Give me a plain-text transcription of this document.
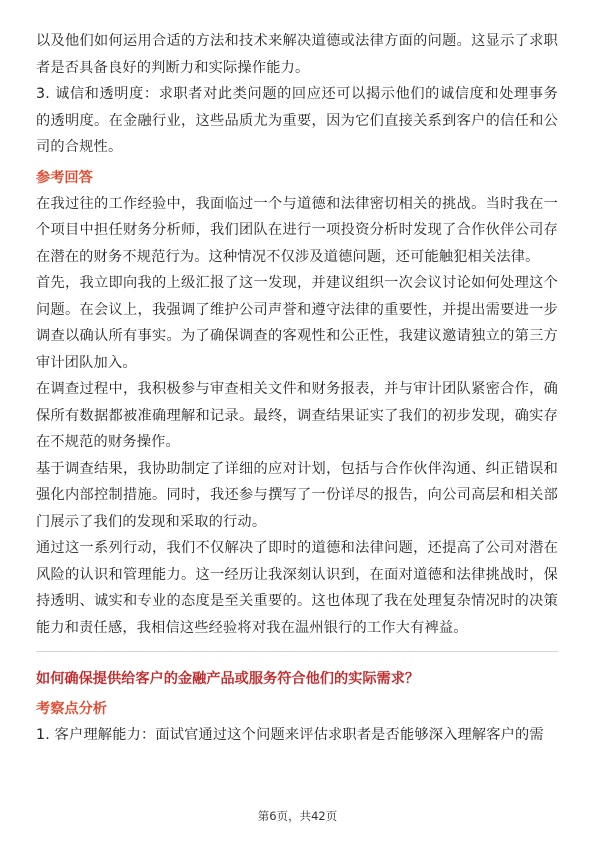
以及他们如何运用合适的方法和技术来解决道德或法律方面的问题。这显示了求职者是否具备良好的判断力和实际操作能力。

3. 诚信和透明度：求职者对此类问题的回应还可以揭示他们的诚信度和处理事务的透明度。在金融行业，这些品质尤为重要，因为它们直接关系到客户的信任和公司的合规性。

参考回答

在我过往的工作经验中，我面临过一个与道德和法律密切相关的挑战。当时我在一个项目中担任财务分析师，我们团队在进行一项投资分析时发现了合作伙伴公司存在潜在的财务不规范行为。这种情况不仅涉及道德问题，还可能触犯相关法律。

首先，我立即向我的上级汇报了这一发现，并建议组织一次会议讨论如何处理这个问题。在会议上，我强调了维护公司声誉和遵守法律的重要性，并提出需要进一步调查以确认所有事实。为了确保调查的客观性和公正性，我建议邀请独立的第三方审计团队加入。

在调查过程中，我积极参与审查相关文件和财务报表，并与审计团队紧密合作，确保所有数据都被准确理解和记录。最终，调查结果证实了我们的初步发现，确实存在不规范的财务操作。

基于调查结果，我协助制定了详细的应对计划，包括与合作伙伴沟通、纠正错误和强化内部控制措施。同时，我还参与撰写了一份详尽的报告，向公司高层和相关部门展示了我们的发现和采取的行动。

通过这一系列行动，我们不仅解决了即时的道德和法律问题，还提高了公司对潜在风险的认识和管理能力。这一经历让我深刻认识到，在面对道德和法律挑战时，保持透明、诚实和专业的态度是至关重要的。这也体现了我在处理复杂情况时的决策能力和责任感，我相信这些经验将对我在温州银行的工作大有裨益。

如何确保提供给客户的金融产品或服务符合他们的实际需求？
考察点分析

1. 客户理解能力：面试官通过这个问题来评估求职者是否能够深入理解客户的需

第6页，共42页
